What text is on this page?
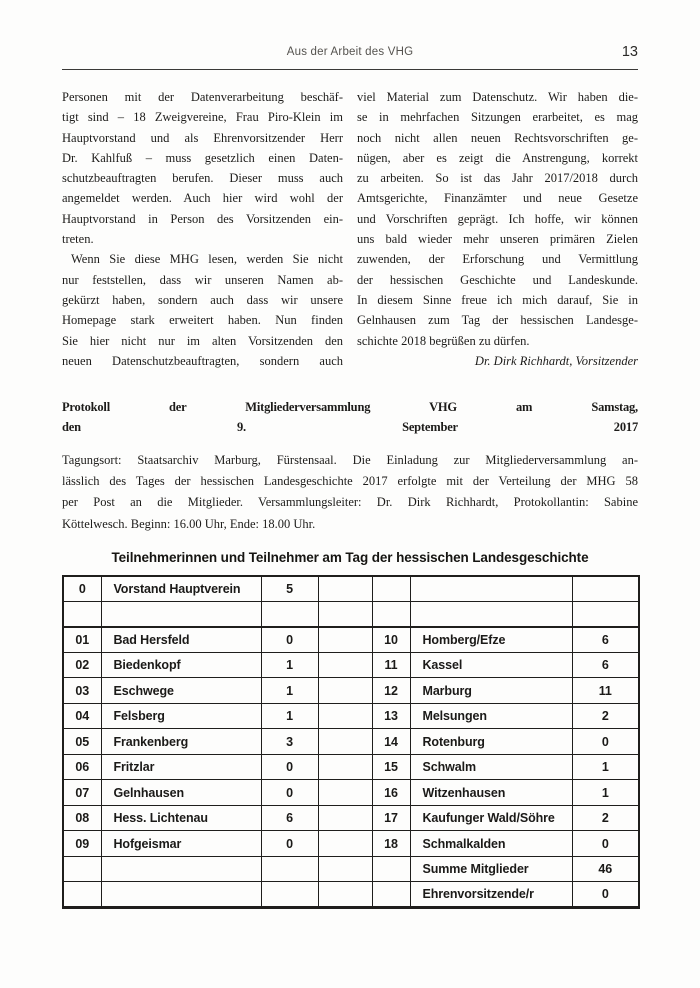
Aus der Arbeit des VHG	13
Personen mit der Datenverarbeitung beschäf-
tigt sind – 18 Zweigvereine, Frau Piro-Klein im
Hauptvorstand und als Ehrenvorsitzender Herr
Dr. Kahlfuß – muss gesetzlich einen Daten-
schutzbeauftragten berufen. Dieser muss auch
angemeldet werden. Auch hier wird wohl der
Hauptvorstand in Person des Vorsitzenden ein-
treten.
Wenn Sie diese MHG lesen, werden Sie nicht
nur feststellen, dass wir unseren Namen ab-
gekürzt haben, sondern auch dass wir unsere
Homepage stark erweitert haben. Nun finden
Sie hier nicht nur im alten Vorsitzenden den
neuen Datenschutzbeauftragten, sondern auch
viel Material zum Datenschutz. Wir haben die-
se in mehrfachen Sitzungen erarbeitet, es mag
noch nicht allen neuen Rechtsvorschriften ge-
nügen, aber es zeigt die Anstrengung, korrekt
zu arbeiten. So ist das Jahr 2017/2018 durch
Amtsgerichte, Finanzämter und neue Gesetze
und Vorschriften geprägt. Ich hoffe, wir können
uns bald wieder mehr unseren primären Zielen
zuwenden, der Erforschung und Vermittlung
der hessischen Geschichte und Landeskunde.
In diesem Sinne freue ich mich darauf, Sie in
Gelnhausen zum Tag der hessischen Landesge-
schichte 2018 begrüßen zu dürfen.
Dr. Dirk Richhardt, Vorsitzender
Protokoll der Mitgliederversammlung VHG am Samstag,
den 9. September 2017
Tagungsort: Staatsarchiv Marburg, Fürstensaal. Die Einladung zur Mitgliederversammlung an-
lässlich des Tages der hessischen Landesgeschichte 2017 erfolgte mit der Verteilung der MHG 58
per Post an die Mitglieder. Versammlungsleiter: Dr. Dirk Richhardt, Protokollantin: Sabine
Köttelwesch. Beginn: 16.00 Uhr, Ende: 18.00 Uhr.
Teilnehmerinnen und Teilnehmer am Tag der hessischen Landesgeschichte
0	Vorstand Hauptverein	5				

01	Bad Hersfeld	0		10	Homberg/Efze	6
02	Biedenkopf	1		11	Kassel	6
03	Eschwege	1		12	Marburg	11
04	Felsberg	1		13	Melsungen	2
05	Frankenberg	3		14	Rotenburg	0
06	Fritzlar	0		15	Schwalm	1
07	Gelnhausen	0		16	Witzenhausen	1
08	Hess. Lichtenau	6		17	Kaufunger Wald/Söhre	2
09	Hofgeismar	0		18	Schmalkalden	0
					Summe Mitglieder	46
					Ehrenvorsitzende/r	0
